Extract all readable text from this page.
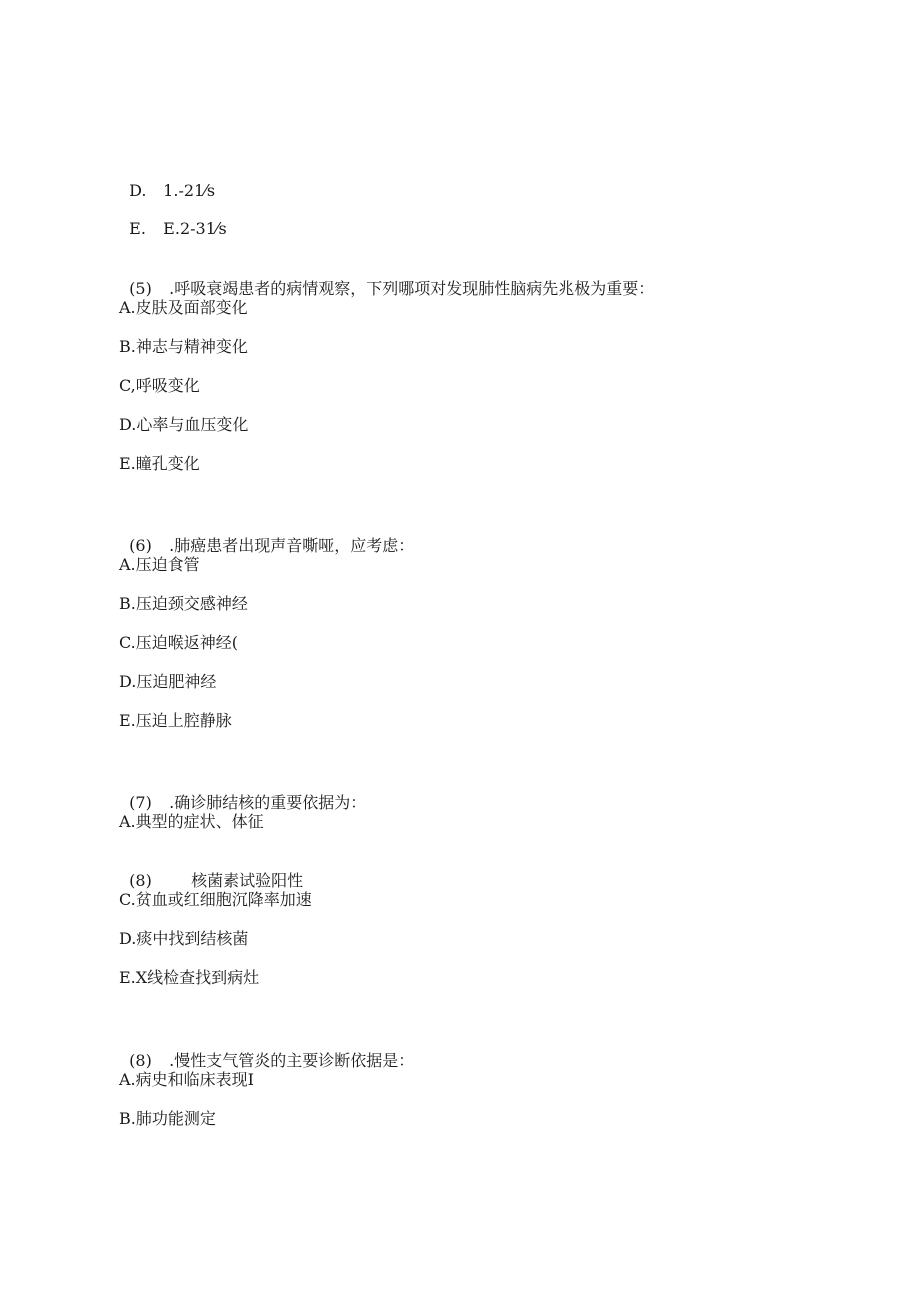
D. 1.-21⁄s

E. E.2-31⁄s

(5) .呼吸衰竭患者的病情观察，下列哪项对发现肺性脑病先兆极为重要：

A.皮肤及面部变化
B.神志与精神变化
C,呼吸变化
D.心率与血压变化
E.瞳孔变化

(6) .肺癌患者出现声音嘶哑，应考虑：

A.压迫食管
B.压迫颈交感神经
C.压迫喉返神经(
D.压迫肥神经
E.压迫上腔静脉

(7) .确诊肺结核的重要依据为：

A.典型的症状、体征

(8) 核菌素试验阳性

C.贫血或红细胞沉降率加速
D.痰中找到结核菌
E.X线检查找到病灶

(8) .慢性支气管炎的主要诊断依据是：

A.病史和临床表现I
B.肺功能测定
